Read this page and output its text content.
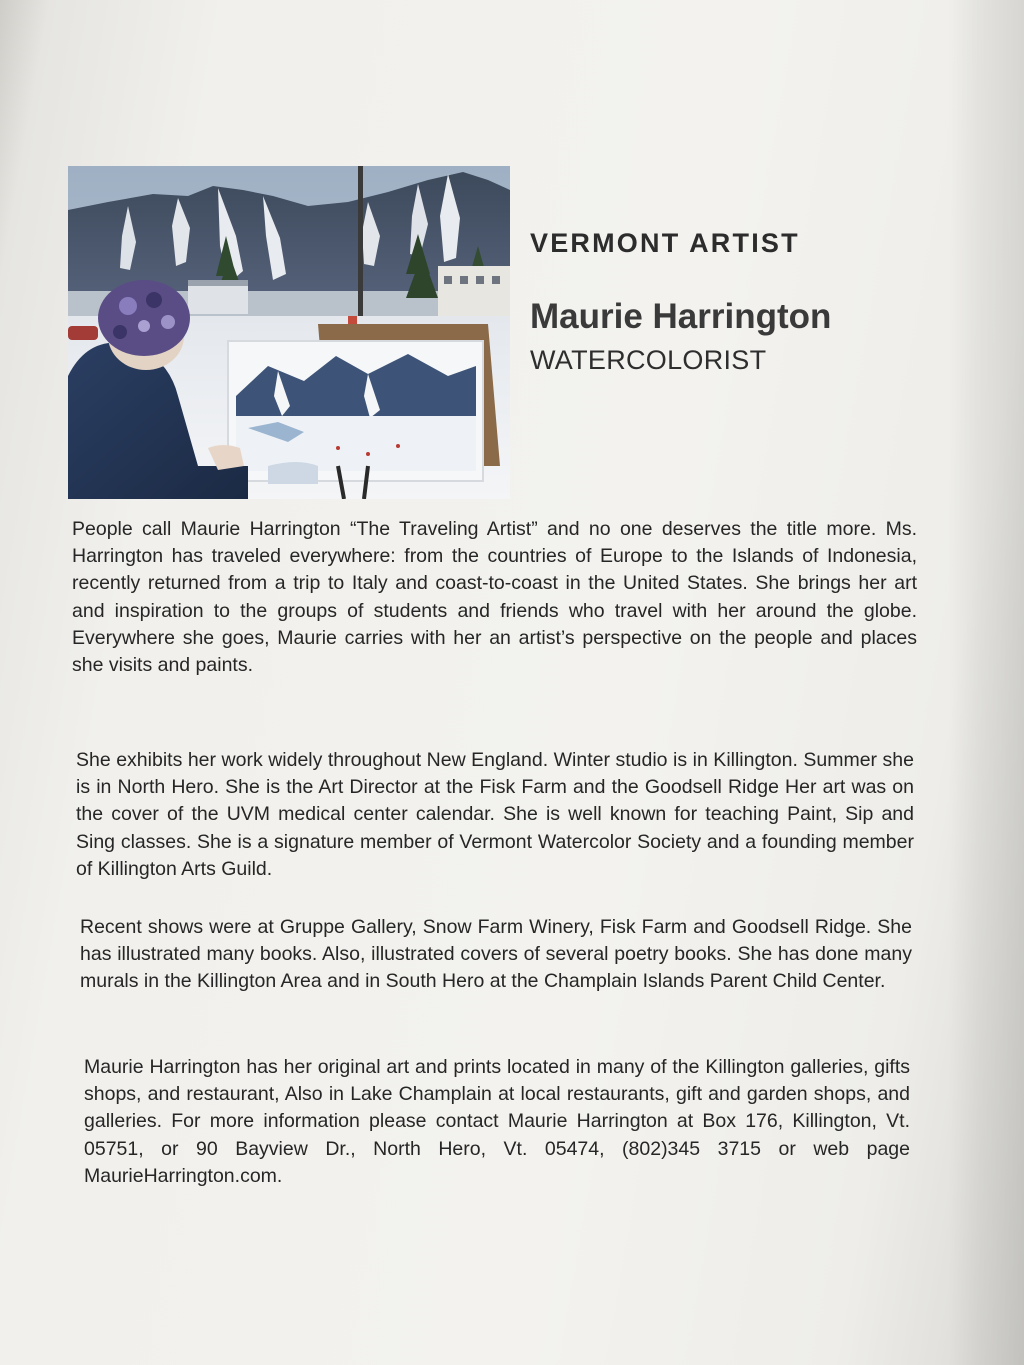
VERMONT ARTIST
Maurie Harrington
WATERCOLORIST
People call Maurie Harrington “The Traveling Artist” and no one deserves the title more. Ms. Harrington has traveled everywhere: from the countries of Europe to the Islands of Indonesia, recently returned from a trip to Italy and coast-to-coast in the United States. She brings her art and inspiration to the groups of students and friends who travel with her around the globe. Everywhere she goes, Maurie carries with her an artist’s perspective on the people and places she visits and paints.
She exhibits her work widely throughout New England. Winter studio is in Killington. Summer she is in North Hero. She is the Art Director at the Fisk Farm and the Goodsell Ridge Her art was on the cover of the UVM medical center calendar. She is well known for teaching Paint, Sip and Sing classes. She is a signature member of Vermont Watercolor Society and a founding member of Killington Arts Guild.
Recent shows were at Gruppe Gallery, Snow Farm Winery, Fisk Farm and Goodsell Ridge. She has illustrated many books. Also, illustrated covers of several poetry books. She has done many murals in the Killington Area and in South Hero at the Champlain Islands Parent Child Center.
Maurie Harrington has her original art and prints located in many of the Killington galleries, gifts shops, and restaurant, Also in Lake Champlain at local restaurants, gift and garden shops, and galleries. For more information please contact Maurie Harrington at Box 176, Killington, Vt. 05751, or 90 Bayview Dr., North Hero, Vt. 05474, (802)345 3715 or web page MaurieHarrington.com.
